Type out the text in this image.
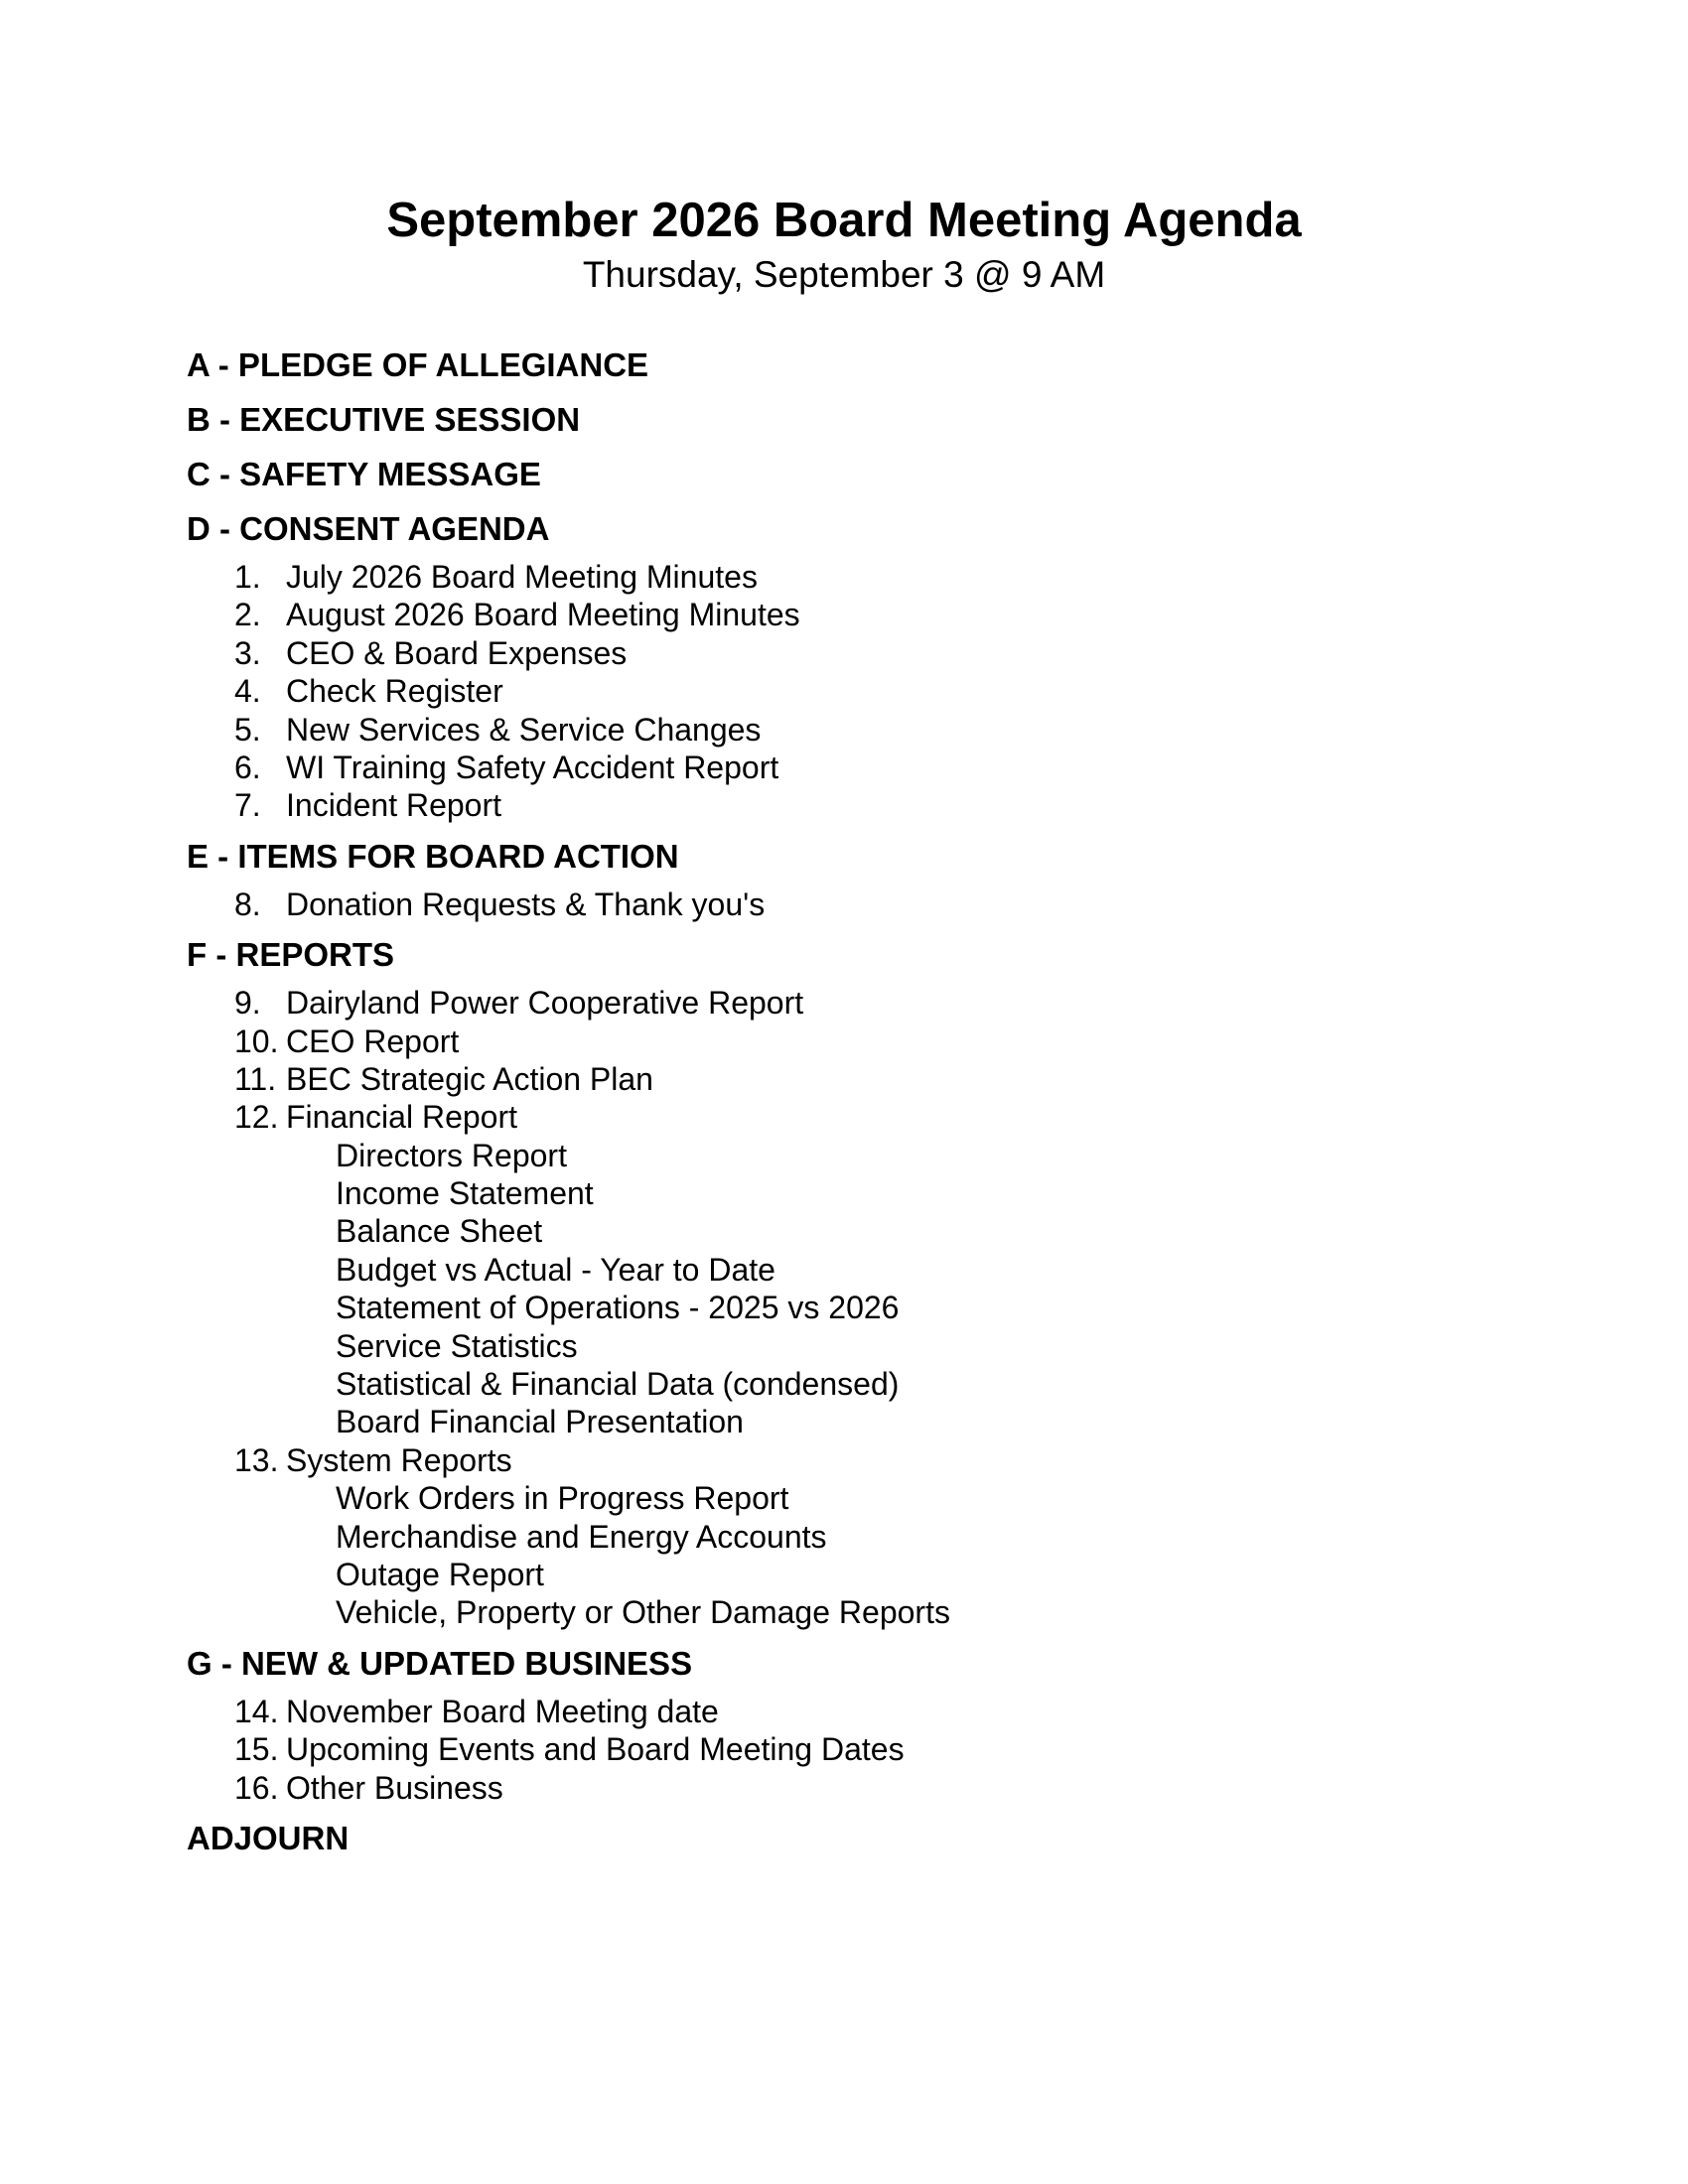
September 2026 Board Meeting Agenda
Thursday, September 3 @ 9 AM
A - PLEDGE OF ALLEGIANCE
B - EXECUTIVE SESSION
C - SAFETY MESSAGE
D - CONSENT AGENDA
1. July 2026 Board Meeting Minutes
2. August 2026 Board Meeting Minutes
3. CEO & Board Expenses
4. Check Register
5. New Services & Service Changes
6. WI Training Safety Accident Report
7. Incident Report
E - ITEMS FOR BOARD ACTION
8. Donation Requests & Thank you's
F - REPORTS
9. Dairyland Power Cooperative Report
10. CEO Report
11. BEC Strategic Action Plan
12. Financial Report
Directors Report
Income Statement
Balance Sheet
Budget vs Actual - Year to Date
Statement of Operations - 2025 vs 2026
Service Statistics
Statistical & Financial Data (condensed)
Board Financial Presentation
13. System Reports
Work Orders in Progress Report
Merchandise and Energy Accounts
Outage Report
Vehicle, Property or Other Damage Reports
G - NEW & UPDATED BUSINESS
14. November Board Meeting date
15. Upcoming Events and Board Meeting Dates
16. Other Business
ADJOURN
